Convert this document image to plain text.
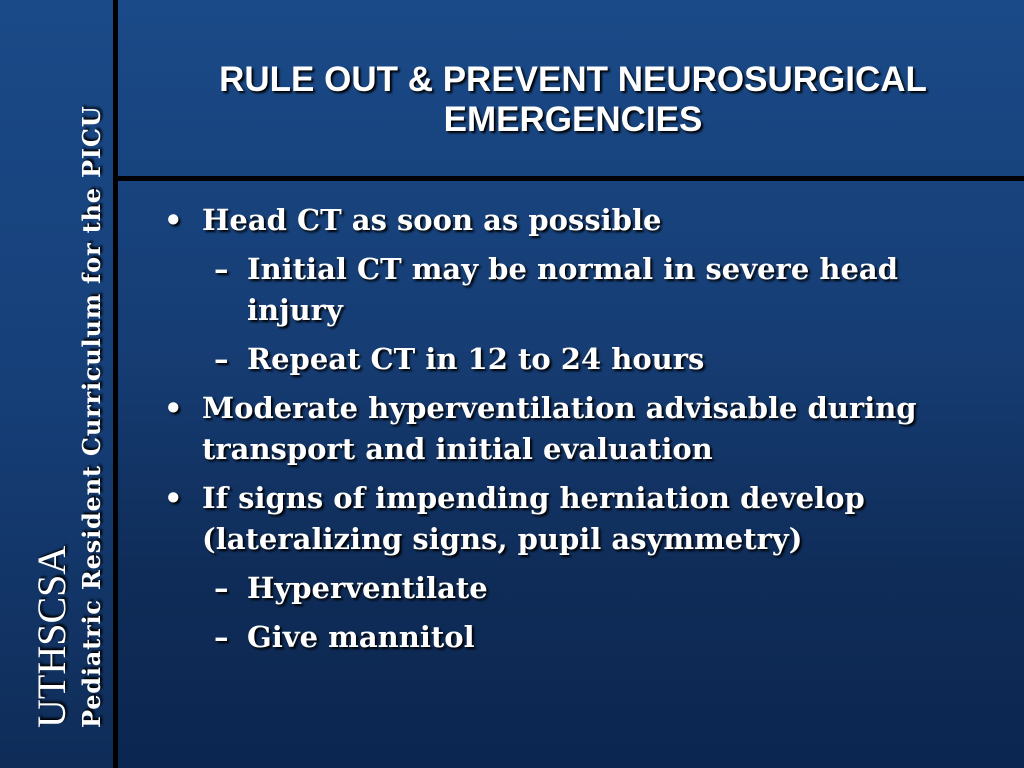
UTHSCSA Pediatric Resident Curriculum for the PICU
RULE OUT & PREVENT NEUROSURGICAL
EMERGENCIES
• Head CT as soon as possible
– Initial CT may be normal in severe head injury
– Repeat CT in 12 to 24 hours
• Moderate hyperventilation advisable during transport and initial evaluation
• If signs of impending herniation develop (lateralizing signs, pupil asymmetry)
– Hyperventilate
– Give mannitol
